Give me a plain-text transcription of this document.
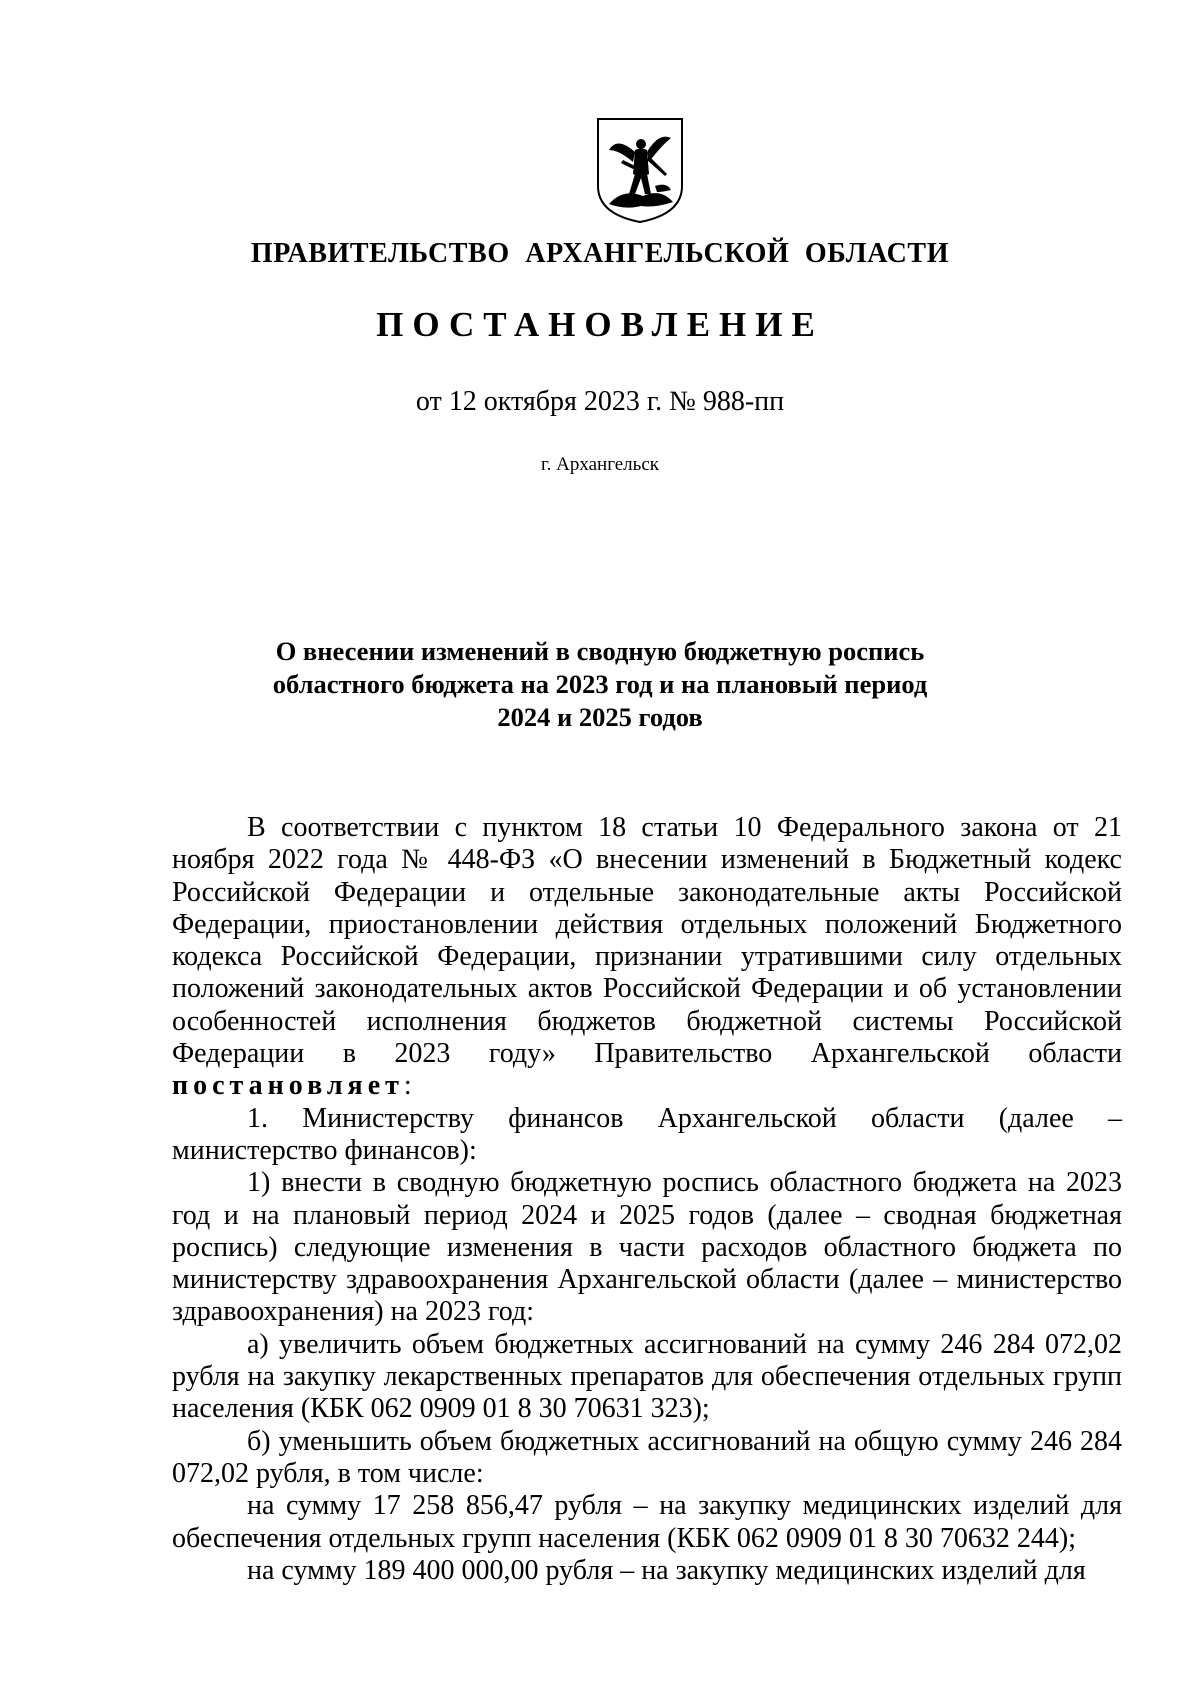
ПРАВИТЕЛЬСТВО АРХАНГЕЛЬСКОЙ ОБЛАСТИ
ПОСТАНОВЛЕНИЕ
от 12 октября 2023 г. № 988-пп
г. Архангельск
О внесении изменений в сводную бюджетную роспись
областного бюджета на 2023 год и на плановый период
2024 и 2025 годов

В соответствии с пунктом 18 статьи 10 Федерального закона от 21 ноября 2022 года № 448-ФЗ «О внесении изменений в Бюджетный кодекс Российской Федерации и отдельные законодательные акты Российской Федерации, приостановлении действия отдельных положений Бюджетного кодекса Российской Федерации, признании утратившими силу отдельных положений законодательных актов Российской Федерации и об установлении особенностей исполнения бюджетов бюджетной системы Российской Федерации в 2023 году» Правительство Архангельской области постановляет:

1. Министерству финансов Архангельской области (далее – министерство финансов):

1) внести в сводную бюджетную роспись областного бюджета на 2023 год и на плановый период 2024 и 2025 годов (далее – сводная бюджетная роспись) следующие изменения в части расходов областного бюджета по министерству здравоохранения Архангельской области (далее – министерство здравоохранения) на 2023 год:

а) увеличить объем бюджетных ассигнований на сумму 246 284 072,02 рубля на закупку лекарственных препаратов для обеспечения отдельных групп населения (КБК 062 0909 01 8 30 70631 323);

б) уменьшить объем бюджетных ассигнований на общую сумму 246 284 072,02 рубля, в том числе:

на сумму 17 258 856,47 рубля – на закупку медицинских изделий для обеспечения отдельных групп населения (КБК 062 0909 01 8 30 70632 244);

на сумму 189 400 000,00 рубля – на закупку медицинских изделий для
